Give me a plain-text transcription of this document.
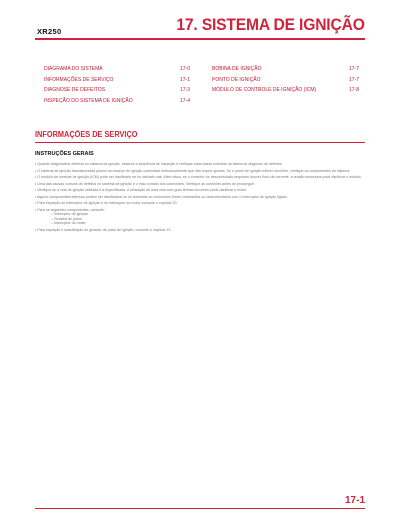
XR250	17. SISTEMA DE IGNIÇÃO
DIAGRAMA DO SISTEMA	17-0
INFORMAÇÕES DE SERVIÇO	17-1
DIAGNOSE DE DEFEITOS	17-3
INSPEÇÃO DO SISTEMA DE IGNIÇÃO	17-4
BOBINA DE IGNIÇÃO	17-7
PONTO DE IGNIÇÃO	17-7
MÓDULO DE CONTROLE DE IGNIÇÃO (ICM)	17-8
INFORMAÇÕES DE SERVIÇO
INSTRUÇÕES GERAIS

• Quando diagnosticar defeitos no sistema de ignição, observe a seqüência de inspeção e verifique cada passo indicado na tabela de diagnose de defeitos.

• O sistema de ignição transistorizada possui um avanço de ignição controlado eletronicamente que não requer ajustes. Se o ponto de ignição estiver incorreto, verifique os componentes do sistema.

• O módulo de controle de ignição (ICM) pode ser danificado se for deixado cair. Além disso, se o conector for desconectado enquanto houver fluxo de corrente, a tensão excessiva pode danificar o módulo.

• Uma das causas comuns de defeitos no sistema de ignição é o mau contato dos conectores. Verifique as conexões antes de prosseguir.

• Verifique se a vela de ignição utilizada é a especificada. A utilização de uma vela com grau térmico incorreto pode danificar o motor.

• Alguns componentes elétricos podem ser danificados se os terminais ou conectores forem conectados ou desconectados com o interruptor de ignição ligado.

• Para inspeção do interruptor de ignição e do interruptor do motor consulte o capítulo 20.

• Para os seguintes componentes, consulte:

– Interruptor de ignição

– Gerador de pulso

– Interruptor do motor

• Para inspeção e substituição do gerador de pulso de ignição, consulte o capítulo 10.

17-1
